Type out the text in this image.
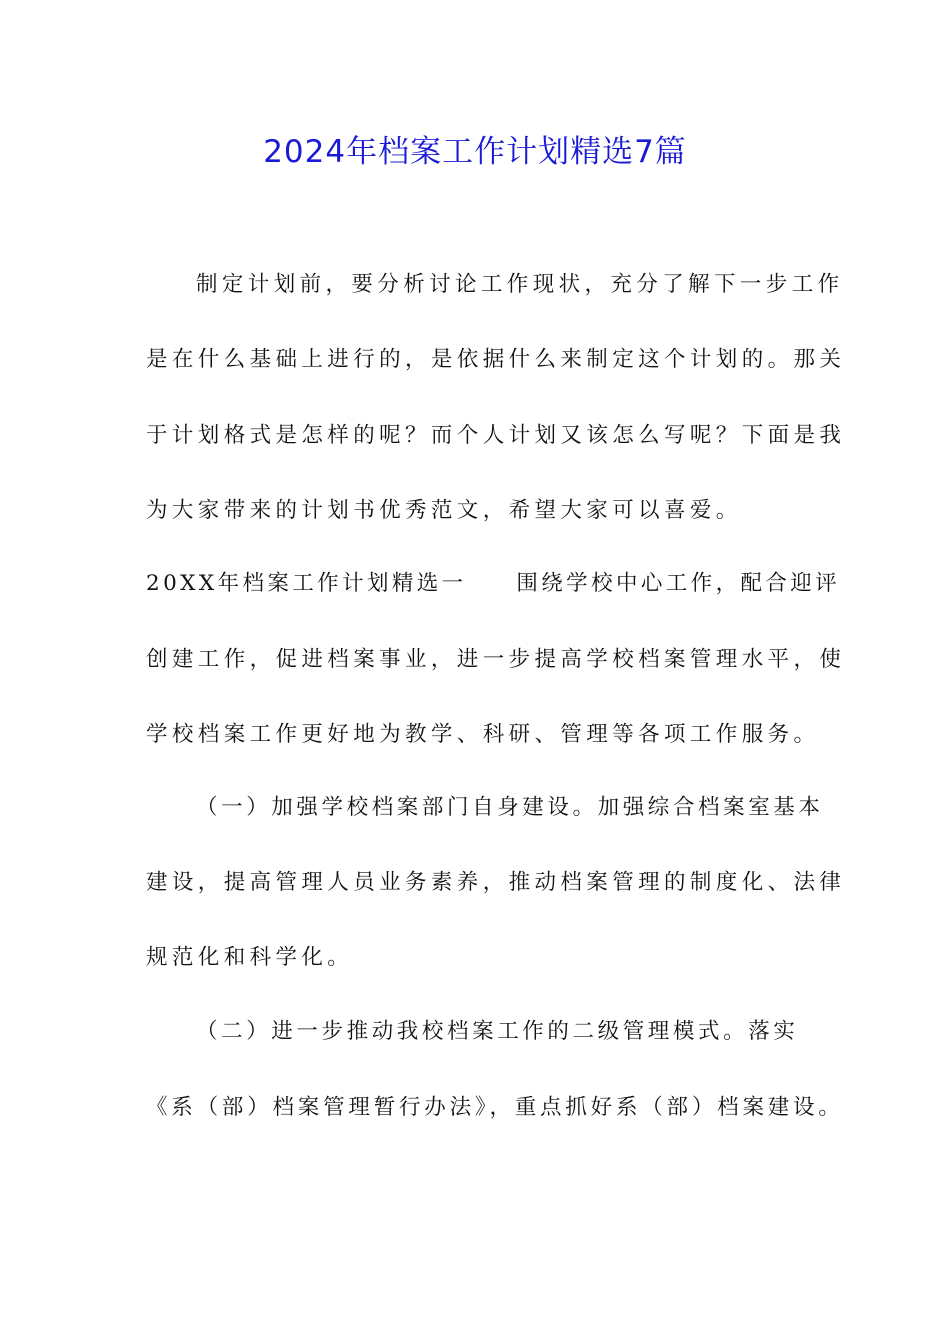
2024年档案工作计划精选7篇
制定计划前，要分析讨论工作现状，充分了解下一步工作
是在什么基础上进行的，是依据什么来制定这个计划的。那关
于计划格式是怎样的呢？而个人计划又该怎么写呢？下面是我
为大家带来的计划书优秀范文，希望大家可以喜爱。
20XX年档案工作计划精选一　　围绕学校中心工作，配合迎评
创建工作，促进档案事业，进一步提高学校档案管理水平，使
学校档案工作更好地为教学、科研、管理等各项工作服务。
（一）加强学校档案部门自身建设。加强综合档案室基本
建设，提高管理人员业务素养，推动档案管理的制度化、法律
规范化和科学化。
（二）进一步推动我校档案工作的二级管理模式。落实
《系（部）档案管理暂行办法》，重点抓好系（部）档案建设。
